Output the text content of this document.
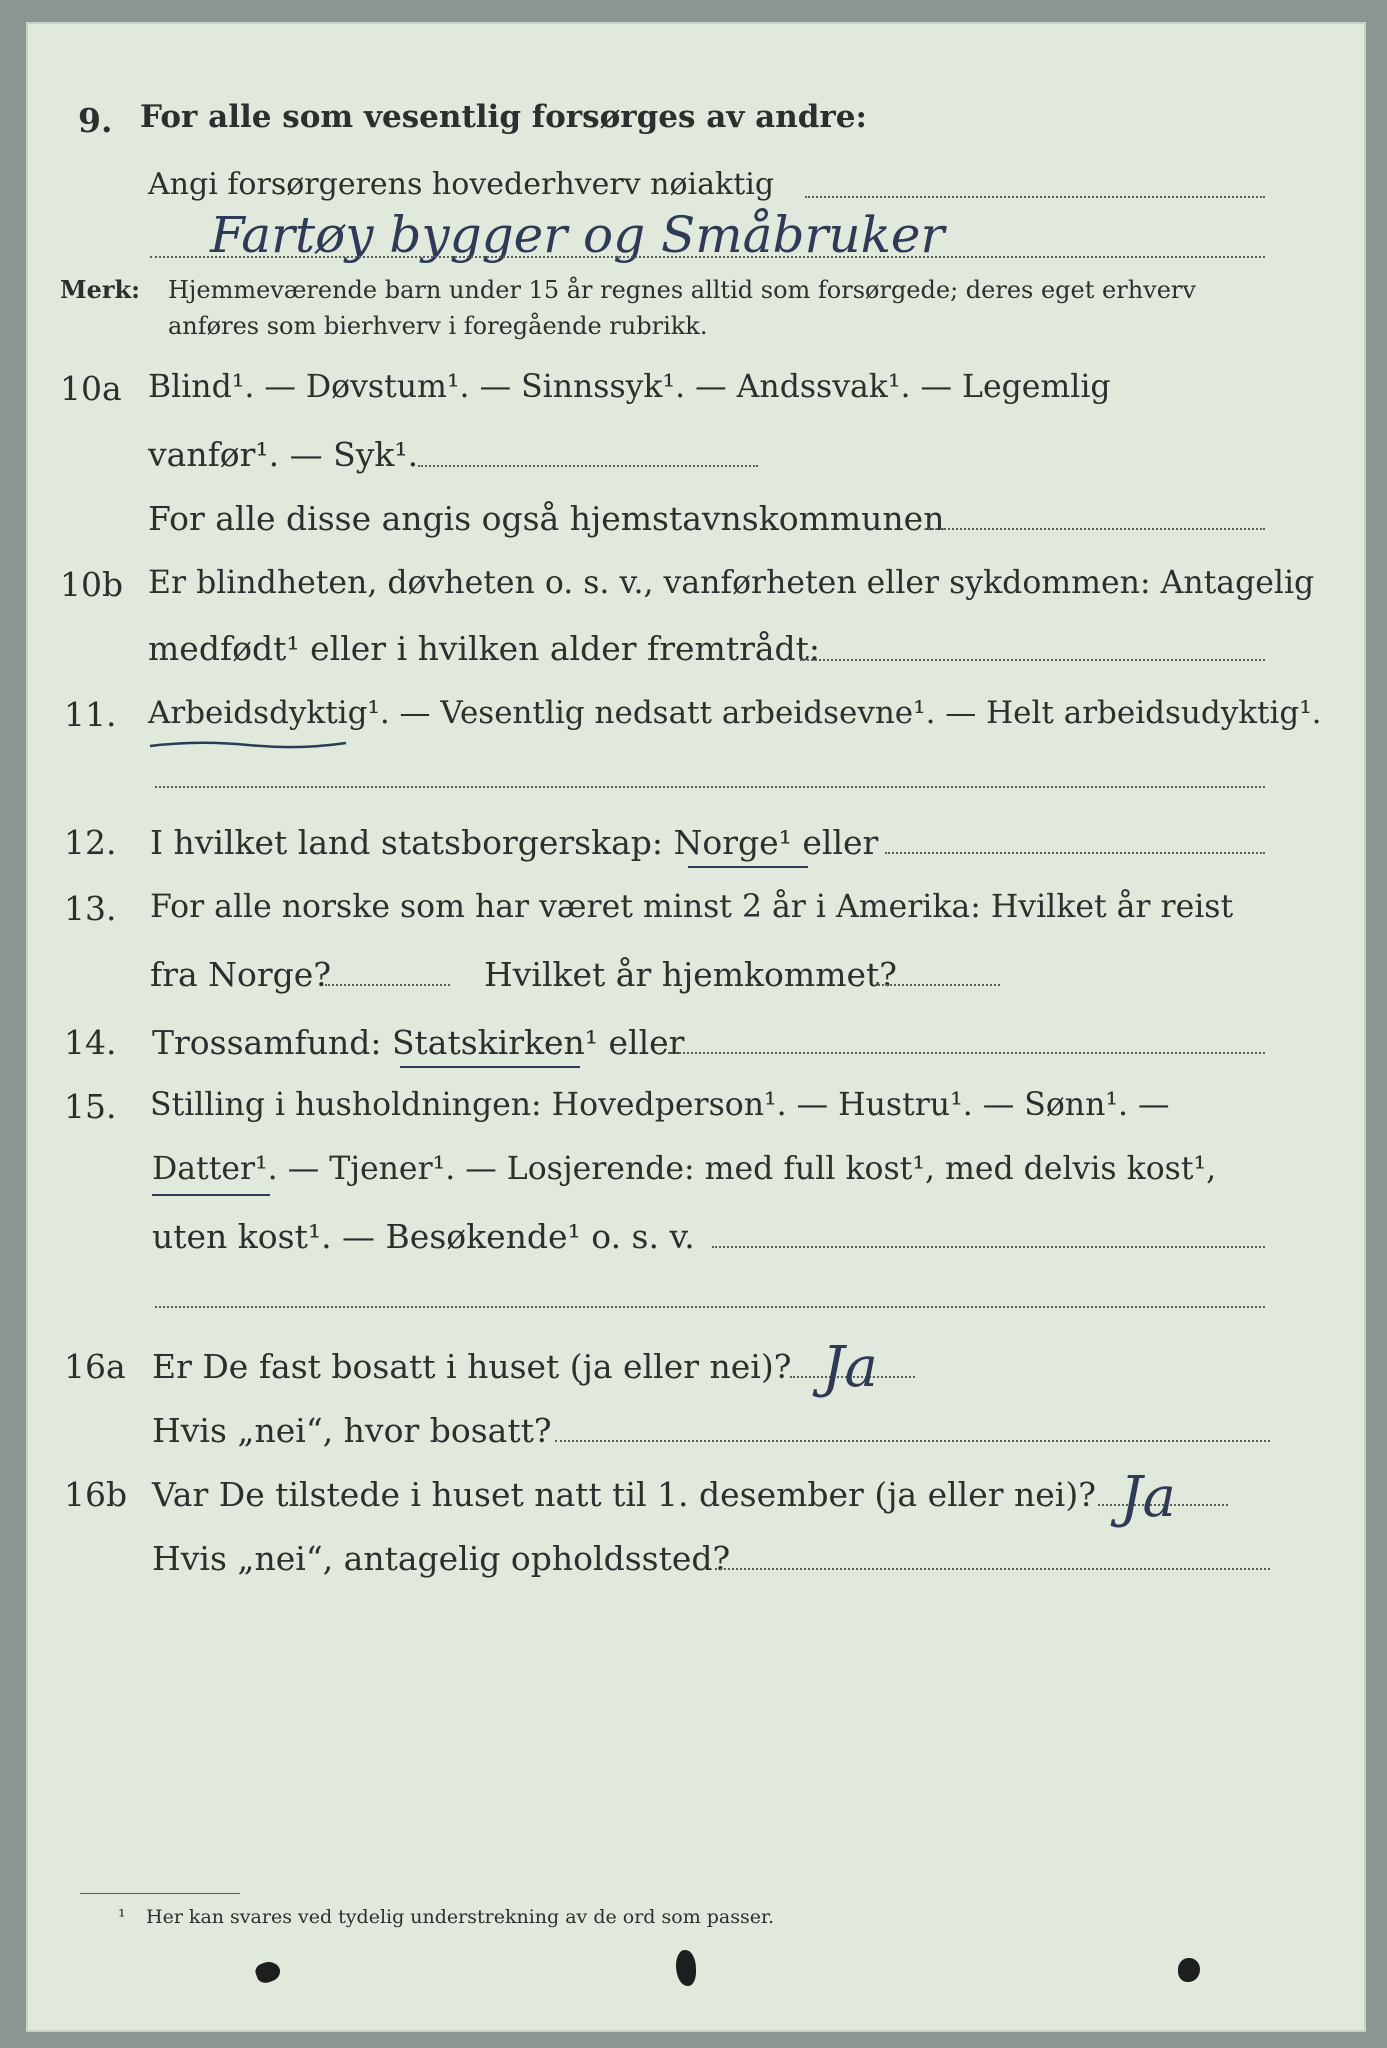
9. For alle som vesentlig forsørges av andre:
Angi forsørgerens hovederhverv nøiaktig
Fartøy bygger og Småbruker
Merk: Hjemmeværende barn under 15 år regnes alltid som forsørgede; deres eget erhverv
anføres som bierhverv i foregående rubrikk.
10a Blind¹. — Døvstum¹. — Sinnssyk¹. — Andssvak¹. — Legemlig
vanfør¹. — Syk¹.
For alle disse angis også hjemstavnskommunen
10b Er blindheten, døvheten o. s. v., vanførheten eller sykdommen: Antagelig
medfødt¹ eller i hvilken alder fremtrådt:
11. Arbeidsdyktig¹. — Vesentlig nedsatt arbeidsevne¹. — Helt arbeidsudyktig¹.
12. I hvilket land statsborgerskap: Norge¹ eller
13. For alle norske som har været minst 2 år i Amerika: Hvilket år reist
fra Norge?	Hvilket år hjemkommet?
14. Trossamfund: Statskirken¹ eller
15. Stilling i husholdningen: Hovedperson¹. — Hustru¹. — Sønn¹. —
Datter¹. — Tjener¹. — Losjerende: med full kost¹, med delvis kost¹,
uten kost¹. — Besøkende¹ o. s. v.
16a Er De fast bosatt i huset (ja eller nei)? Ja
Hvis „nei“, hvor bosatt?
16b Var De tilstede i huset natt til 1. desember (ja eller nei)? Ja
Hvis „nei“, antagelig opholdssted?
¹ Her kan svares ved tydelig understrekning av de ord som passer.
